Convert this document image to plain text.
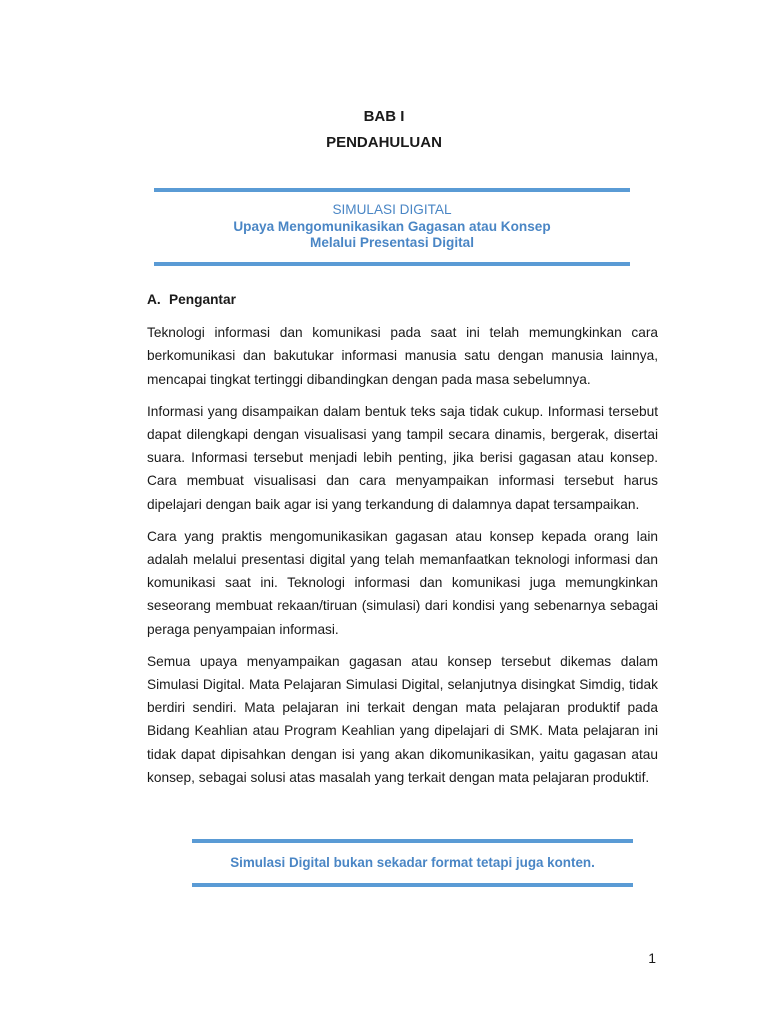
BAB I
PENDAHULUAN
SIMULASI DIGITAL
Upaya Mengomunikasikan Gagasan atau Konsep
Melalui Presentasi Digital
A. Pengantar

Teknologi informasi dan komunikasi pada saat ini telah memungkinkan cara berkomunikasi dan bakutukar informasi manusia satu dengan manusia lainnya, mencapai tingkat tertinggi dibandingkan dengan pada masa sebelumnya.

Informasi yang disampaikan dalam bentuk teks saja tidak cukup. Informasi tersebut dapat dilengkapi dengan visualisasi yang tampil secara dinamis, bergerak, disertai suara. Informasi tersebut menjadi lebih penting, jika berisi gagasan atau konsep. Cara membuat visualisasi dan cara menyampaikan informasi tersebut harus dipelajari dengan baik agar isi yang terkandung di dalamnya dapat tersampaikan.

Cara yang praktis mengomunikasikan gagasan atau konsep kepada orang lain adalah melalui presentasi digital yang telah memanfaatkan teknologi informasi dan komunikasi saat ini. Teknologi informasi dan komunikasi juga memungkinkan seseorang membuat rekaan/tiruan (simulasi) dari kondisi yang sebenarnya sebagai peraga penyampaian informasi.

Semua upaya menyampaikan gagasan atau konsep tersebut dikemas dalam Simulasi Digital. Mata Pelajaran Simulasi Digital, selanjutnya disingkat Simdig, tidak berdiri sendiri. Mata pelajaran ini terkait dengan mata pelajaran produktif pada Bidang Keahlian atau Program Keahlian yang dipelajari di SMK. Mata pelajaran ini tidak dapat dipisahkan dengan isi yang akan dikomunikasikan, yaitu gagasan atau konsep, sebagai solusi atas masalah yang terkait dengan mata pelajaran produktif.

Simulasi Digital bukan sekadar format tetapi juga konten.
1
